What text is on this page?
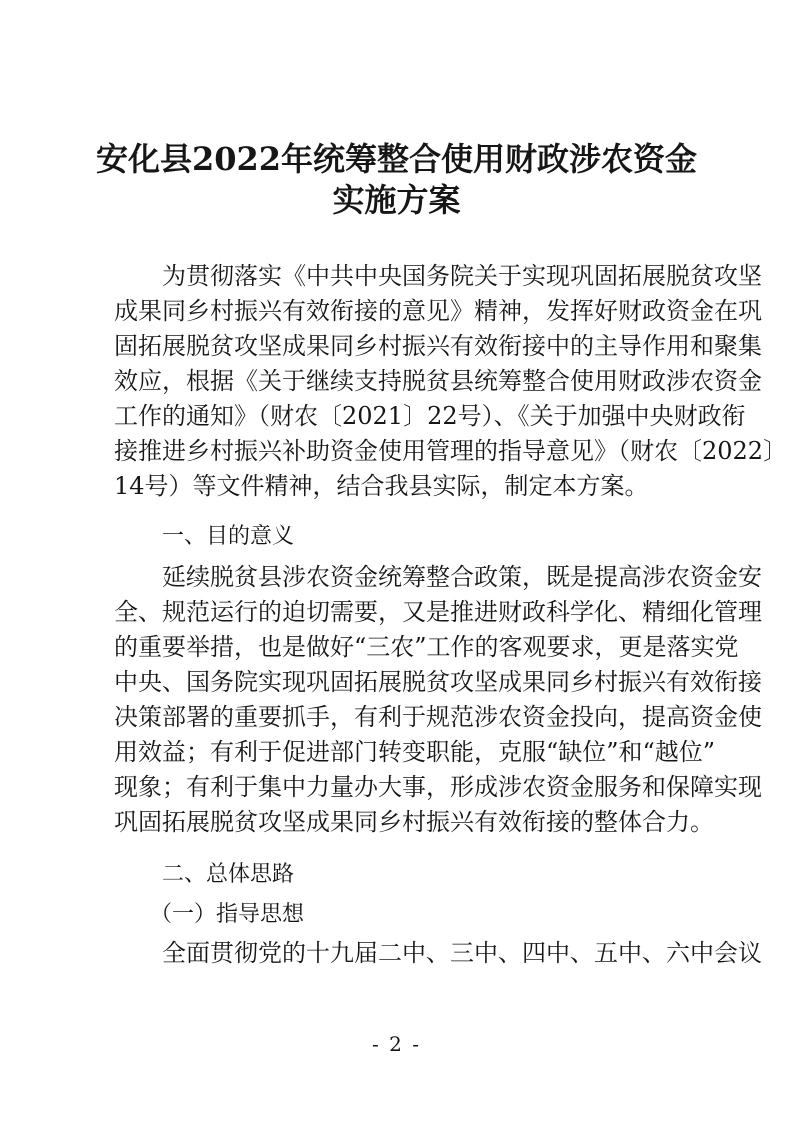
安化县2022年统筹整合使用财政涉农资金
实施方案
　　为贯彻落实《中共中央国务院关于实现巩固拓展脱贫攻坚
成果同乡村振兴有效衔接的意见》精神，发挥好财政资金在巩
固拓展脱贫攻坚成果同乡村振兴有效衔接中的主导作用和聚集
效应，根据《关于继续支持脱贫县统筹整合使用财政涉农资金
工作的通知》（财农〔2021〕22号）、《关于加强中央财政衔
接推进乡村振兴补助资金使用管理的指导意见》（财农〔2022〕
14号）等文件精神，结合我县实际，制定本方案。
一、目的意义
　　延续脱贫县涉农资金统筹整合政策，既是提高涉农资金安
全、规范运行的迫切需要，又是推进财政科学化、精细化管理
的重要举措，也是做好“三农”工作的客观要求，更是落实党
中央、国务院实现巩固拓展脱贫攻坚成果同乡村振兴有效衔接
决策部署的重要抓手，有利于规范涉农资金投向，提高资金使
用效益；有利于促进部门转变职能，克服“缺位”和“越位”
现象；有利于集中力量办大事，形成涉农资金服务和保障实现
巩固拓展脱贫攻坚成果同乡村振兴有效衔接的整体合力。
二、总体思路
（一）指导思想
　　全面贯彻党的十九届二中、三中、四中、五中、六中会议
- 2 -
